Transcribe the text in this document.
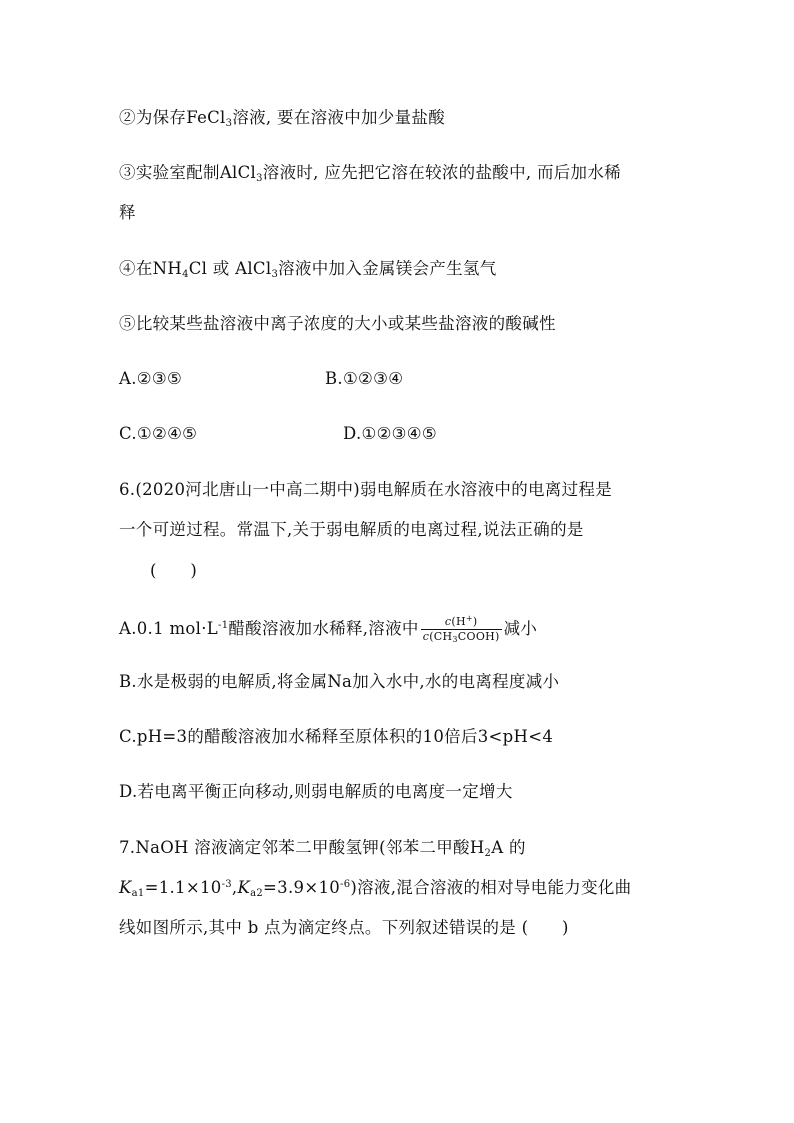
②为保存FeCl$_3$溶液, 要在溶液中加少量盐酸
③实验室配制AlCl$_3$溶液时, 应先把它溶在较浓的盐酸中, 而后加水稀
释
④在$NH_4Cl$ 或 AlCl$_3$溶液中加入金属镁会产生氢气
⑤比较某些盐溶液中离子浓度的大小或某些盐溶液的酸碱性
A.②③⑤	B.①②③④
C.①②④⑤	D.①②③④⑤
6.(2020河北唐山一中高二期中)弱电解质在水溶液中的电离过程是
一个可逆过程。常温下,关于弱电解质的电离过程,说法正确的是
(　　)
A.0.1 $mol\cdot L^{-1}$醋酸溶液加水稀释,溶液中 $\frac{c(H^+)}{c(CH_3COOH)}$ 减小
B.水是极弱的电解质,将金属Na加入水中,水的电离程度减小
C.pH=3的醋酸溶液加水稀释至原体积的10倍后3<pH<4
D.若电离平衡正向移动,则弱电解质的电离度一定增大
7.NaOH 溶液滴定邻苯二甲酸氢钾(邻苯二甲酸$H_2A$ 的
$K_{a1}=1.1\times 10^{-3},K_{a2}=3.9\times 10^{-6}$)溶液,混合溶液的相对导电能力变化曲
线如图所示,其中 b 点为滴定终点。下列叙述错误的是 (　　)
